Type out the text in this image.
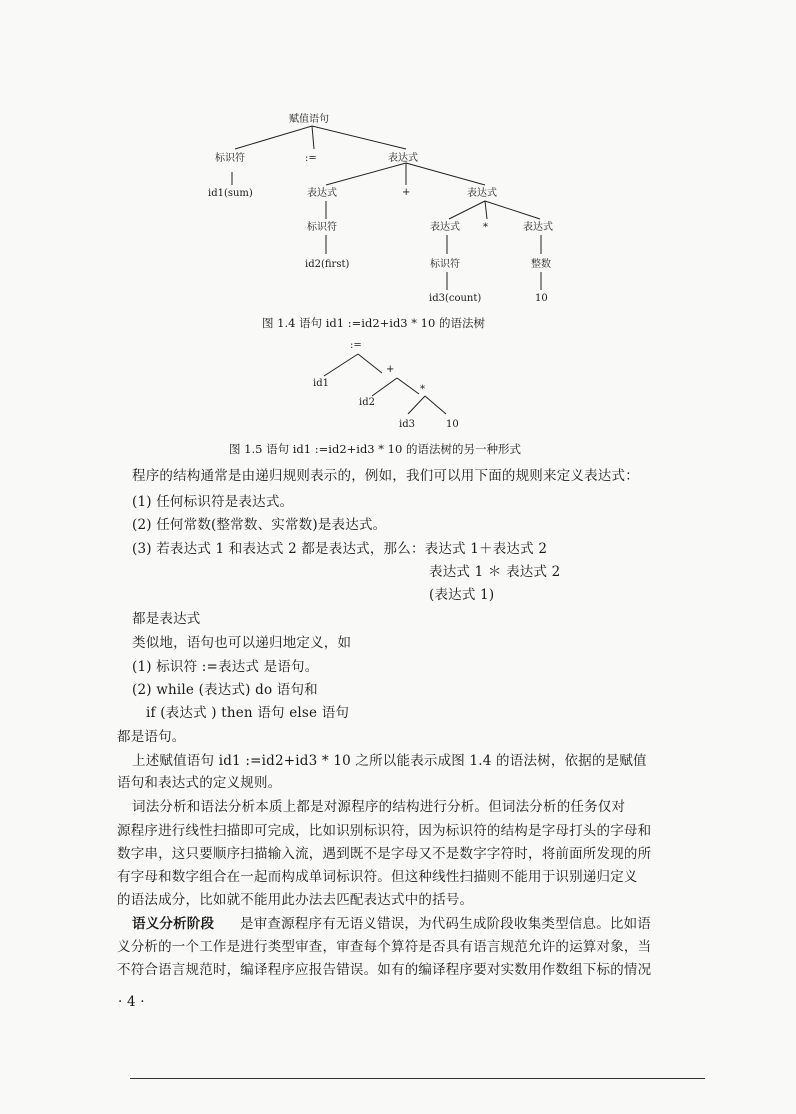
赋值语句
标识符	:=	表达式
id1(sum)	表达式	+	表达式
标识符	表达式 *	表达式
id2(first)	标识符	整数
id3(count)	10
图 1.4 语句 id1 :=id2+id3 * 10 的语法树
:=
id1
+
id2
*
id3	10
图 1.5 语句 id1 :=id2+id3 * 10 的语法树的另一种形式
程序的结构通常是由递归规则表示的，例如，我们可以用下面的规则来定义表达式：
(1) 任何标识符是表达式。
(2) 任何常数(整常数、实常数)是表达式。
(3) 若表达式 1 和表达式 2 都是表达式，那么：表达式 1＋表达式 2
表达式 1 ＊ 表达式 2
(表达式 1)
都是表达式
类似地，语句也可以递归地定义，如
(1) 标识符 :=表达式 是语句。
(2) while (表达式) do 语句和
if (表达式 ) then 语句 else 语句
都是语句。
上述赋值语句 id1 :=id2+id3 * 10 之所以能表示成图 1.4 的语法树，依据的是赋值
语句和表达式的定义规则。
词法分析和语法分析本质上都是对源程序的结构进行分析。但词法分析的任务仅对
源程序进行线性扫描即可完成，比如识别标识符，因为标识符的结构是字母打头的字母和
数字串，这只要顺序扫描输入流，遇到既不是字母又不是数字字符时，将前面所发现的所
有字母和数字组合在一起而构成单词标识符。但这种线性扫描则不能用于识别递归定义
的语法成分，比如就不能用此办法去匹配表达式中的括号。
语义分析阶段 是审查源程序有无语义错误，为代码生成阶段收集类型信息。比如语
义分析的一个工作是进行类型审查，审查每个算符是否具有语言规范允许的运算对象，当
不符合语言规范时，编译程序应报告错误。如有的编译程序要对实数用作数组下标的情况
· 4 ·
